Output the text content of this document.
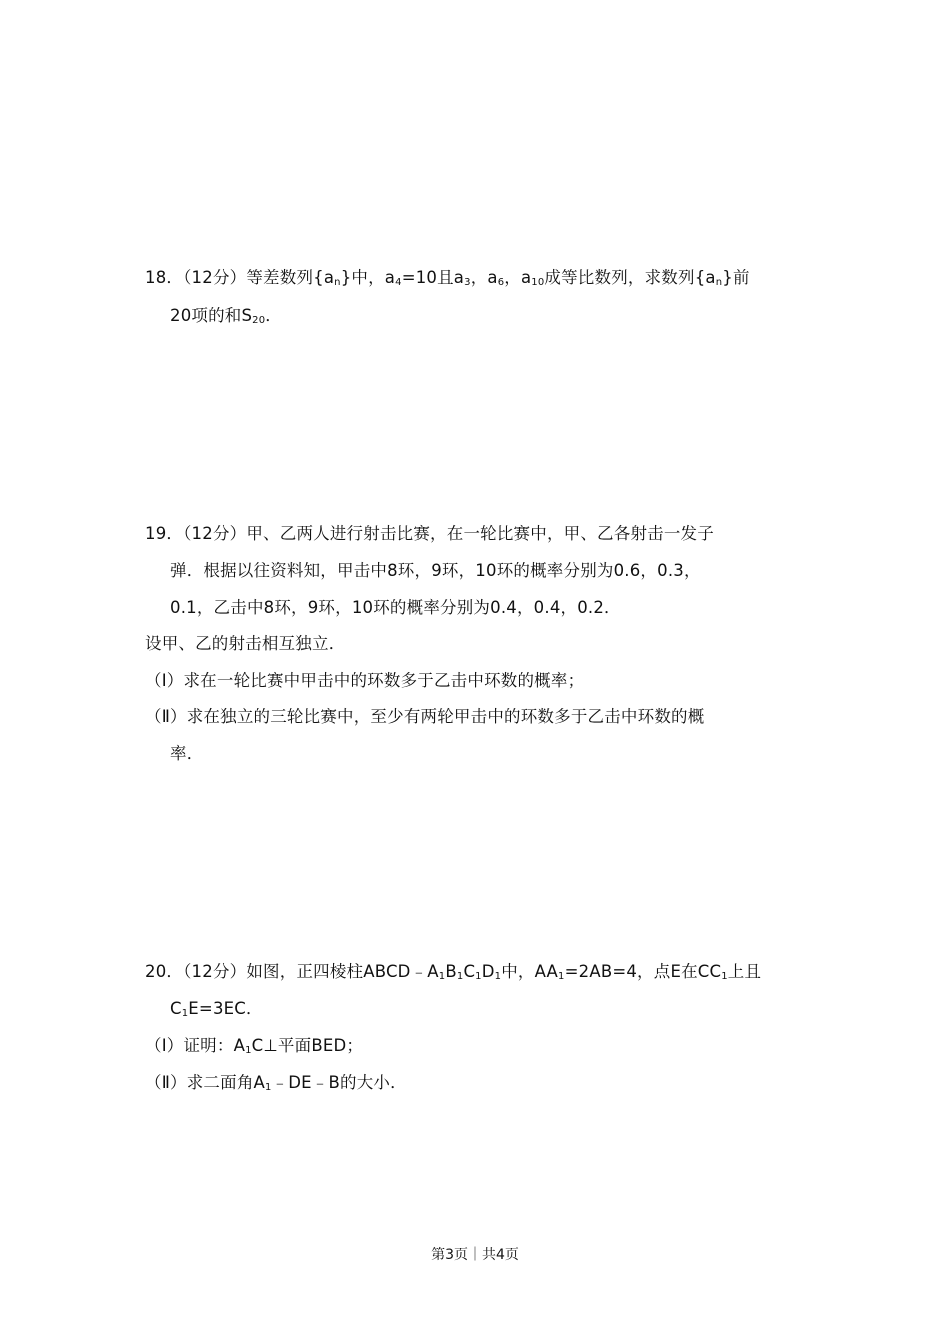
18．（12分）等差数列$\{a_n\}$中，$a_4=10$且$a_3$，$a_6$，$a_{10}$成等比数列，求数列$\{a_n\}$前
20项的和$S_{20}$．
19．（12分）甲、乙两人进行射击比赛，在一轮比赛中，甲、乙各射击一发子
弹．根据以往资料知，甲击中8环，9环，10环的概率分别为0.6，0.3，
0.1，乙击中8环，9环，10环的概率分别为0.4，0.4，0.2．
设甲、乙的射击相互独立．
（Ⅰ）求在一轮比赛中甲击中的环数多于乙击中环数的概率；
（Ⅱ）求在独立的三轮比赛中，至少有两轮甲击中的环数多于乙击中环数的概
率．
20．（12分）如图，正四棱柱$ABCD﹣A_1B_1C_1D_1$中，$AA_1=2AB=4$，点E在$CC_1$上且
$C_1E=3EC$．
（Ⅰ）证明：$A_1C\perp$平面BED；
（Ⅱ）求二面角$A_1﹣DE﹣B$的大小．
第3页｜共4页
